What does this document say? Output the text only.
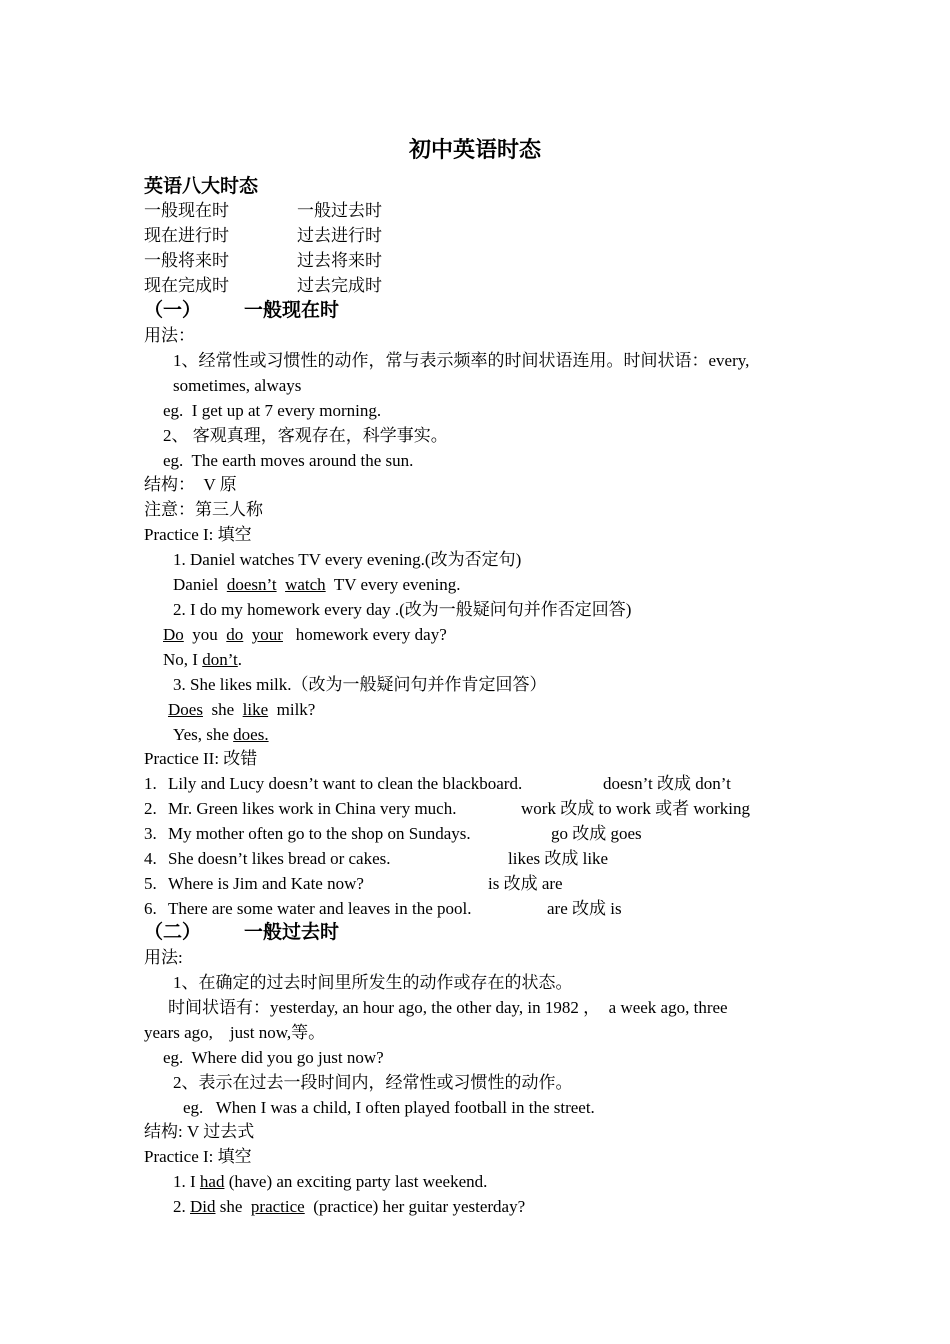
初中英语时态
英语八大时态
一般现在时	一般过去时
现在进行时	过去进行时
一般将来时	过去将来时
现在完成时	过去完成时
（一） 一般现在时
用法：
1、经常性或习惯性的动作，常与表示频率的时间状语连用。时间状语：every,
sometimes, always
eg.  I get up at 7 every morning.
2、 客观真理，客观存在，科学事实。
eg.  The earth moves around the sun.
结构：  V 原
注意：第三人称
Practice I: 填空
1. Daniel watches TV every evening.(改为否定句)
Daniel doesn’t watch TV every evening.
2. I do my homework every day .(改为一般疑问句并作否定回答)
Do you do your homework every day?
No, I don’t.
3. She likes milk.（改为一般疑问句并作肯定回答）
Does she like milk?
Yes, she does.
Practice II: 改错
1. Lily and Lucy doesn’t want to clean the blackboard.	doesn’t 改成 don’t
2. Mr. Green likes work in China very much.	work 改成 to work 或者 working
3. My mother often go to the shop on Sundays.	go 改成 goes
4. She doesn’t likes bread or cakes.	likes 改成 like
5. Where is Jim and Kate now?	is 改成 are
6. There are some water and leaves in the pool.	are 改成 is
（二） 一般过去时
用法:
1、在确定的过去时间里所发生的动作或存在的状态。
时间状语有：yesterday, an hour ago, the other day, in 1982 ，  a week ago, three
years ago,    just now,等。
eg.  Where did you go just now?
2、表示在过去一段时间内，经常性或习惯性的动作。
eg.   When I was a child, I often played football in the street.
结构: V 过去式
Practice I: 填空
1. I had (have) an exciting party last weekend.
2. Did she practice (practice) her guitar yesterday?
